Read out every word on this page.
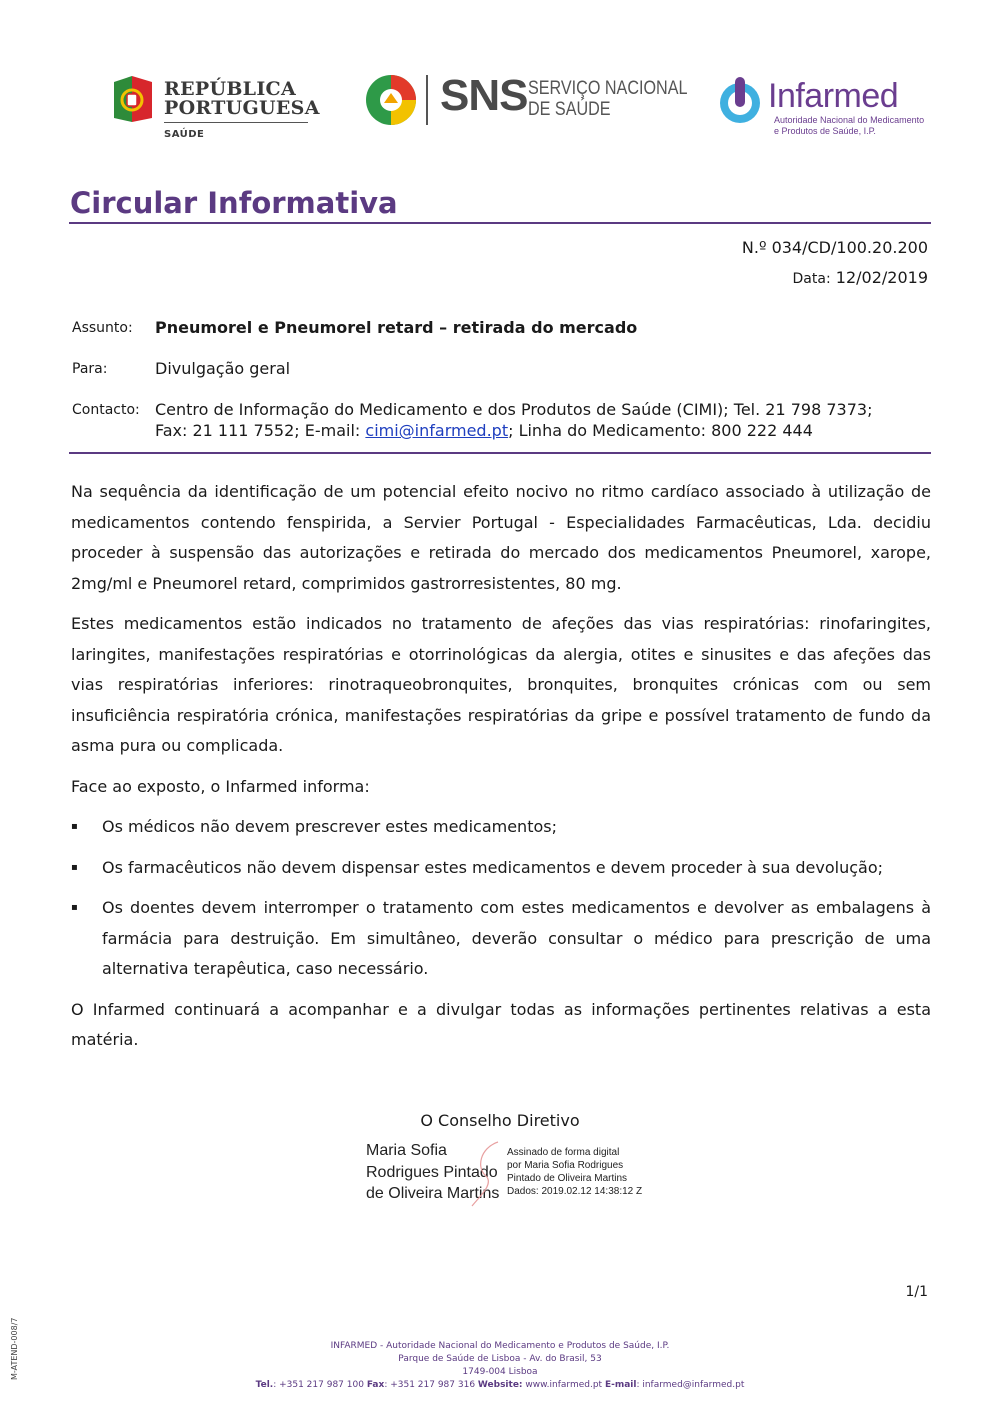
REPÚBLICA
PORTUGUESA
SAÚDE
SNS SERVIÇO NACIONAL
DE SAÚDE	Infarmed
Autoridade Nacional do Medicamento
e Produtos de Saúde, I.P.
Circular Informativa
N.º 034/CD/100.20.200
Data: 12/02/2019
Assunto: Pneumorel e Pneumorel retard – retirada do mercado
Para:	Divulgação geral
Contacto: Centro de Informação do Medicamento e dos Produtos de Saúde (CIMI); Tel. 21 798 7373;
Fax: 21 111 7552; E-mail: cimi@infarmed.pt; Linha do Medicamento: 800 222 444

Na sequência da identificação de um potencial efeito nocivo no ritmo cardíaco associado à utilização de medicamentos contendo fenspirida, a Servier Portugal - Especialidades Farmacêuticas, Lda. decidiu proceder à suspensão das autorizações e retirada do mercado dos medicamentos Pneumorel, xarope, 2mg/ml e Pneumorel retard, comprimidos gastrorresistentes, 80 mg.

Estes medicamentos estão indicados no tratamento de afeções das vias respiratórias: rinofaringites, laringites, manifestações respiratórias e otorrinológicas da alergia, otites e sinusites e das afeções das vias respiratórias inferiores: rinotraqueobronquites, bronquites, bronquites crónicas com ou sem insuficiência respiratória crónica, manifestações respiratórias da gripe e possível tratamento de fundo da asma pura ou complicada.

Face ao exposto, o Infarmed informa:

▪ Os médicos não devem prescrever estes medicamentos;
▪ Os farmacêuticos não devem dispensar estes medicamentos e devem proceder à sua devolução;
▪ Os doentes devem interromper o tratamento com estes medicamentos e devolver as embalagens à farmácia para destruição. Em simultâneo, deverão consultar o médico para prescrição de uma alternativa terapêutica, caso necessário.

O Infarmed continuará a acompanhar e a divulgar todas as informações pertinentes relativas a esta matéria.

O Conselho Diretivo
Maria Sofia
Rodrigues Pintado
de Oliveira Martins
Assinado de forma digital
por Maria Sofia Rodrigues
Pintado de Oliveira Martins
Dados: 2019.02.12 14:38:12 Z
1/1
M-ATEND-008/7	INFARMED - Autoridade Nacional do Medicamento e Produtos de Saúde, I.P.
Parque de Saúde de Lisboa - Av. do Brasil, 53
1749-004 Lisboa
Tel.: +351 217 987 100 Fax: +351 217 987 316 Website: www.infarmed.pt E-mail: infarmed@infarmed.pt
